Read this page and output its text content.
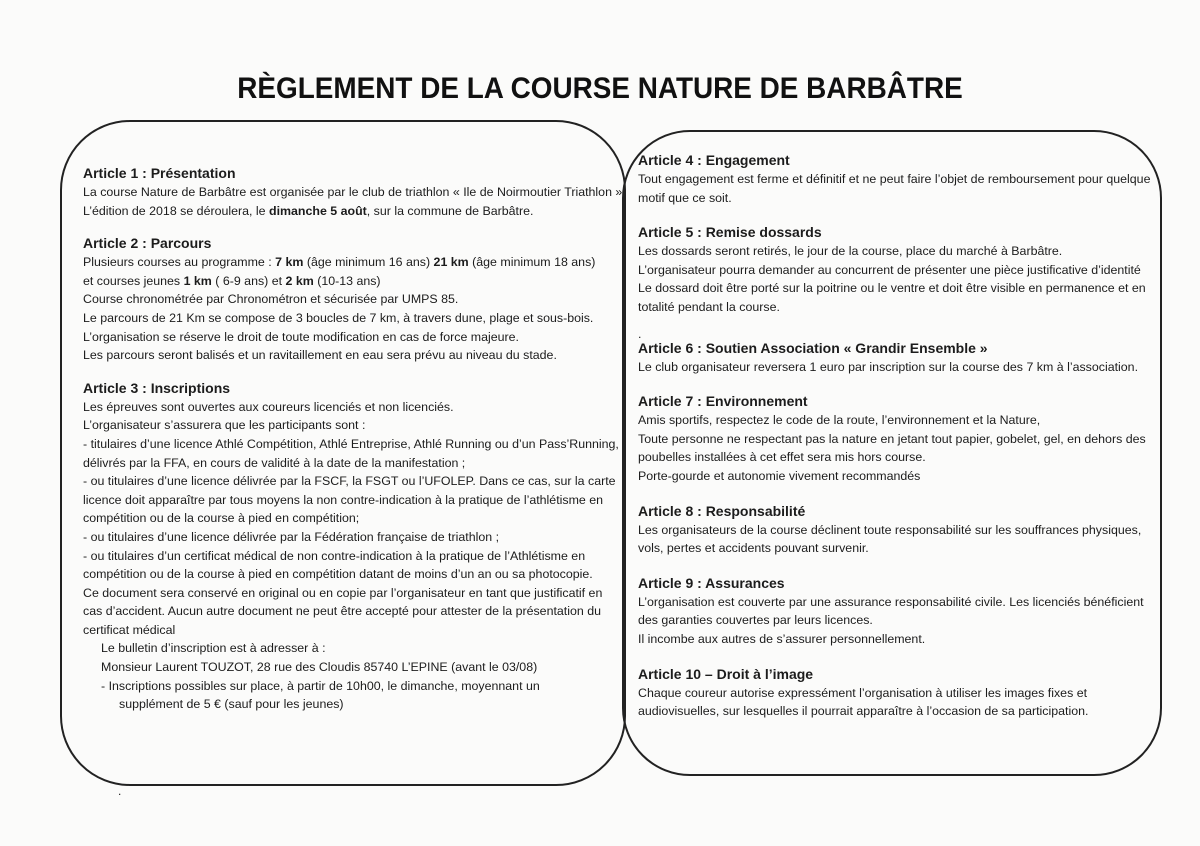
RÈGLEMENT DE LA COURSE NATURE DE BARBÂTRE

Article 1 : Présentation

La course Nature de Barbâtre est organisée par le club de triathlon « Ile de Noirmoutier Triathlon »

L’édition de 2018 se déroulera, le dimanche 5 août, sur la commune de Barbâtre.

Article 2 : Parcours

Plusieurs courses au programme : 7 km (âge minimum 16 ans) 21 km (âge minimum 18 ans)

et courses jeunes 1 km ( 6-9 ans) et 2 km (10-13 ans)

Course chronométrée par Chronométron et sécurisée par UMPS 85.

Le parcours de 21 Km se compose de 3 boucles de 7 km, à travers dune, plage et sous-bois.

L’organisation se réserve le droit de toute modification en cas de force majeure.

Les parcours seront balisés et un ravitaillement en eau sera prévu au niveau du stade.

Article 3 : Inscriptions

Les épreuves sont ouvertes aux coureurs licenciés et non licenciés.

L’organisateur s’assurera que les participants sont :

- titulaires d’une licence Athlé Compétition, Athlé Entreprise, Athlé Running ou d’un Pass’Running,

délivrés par la FFA, en cours de validité à la date de la manifestation ;

- ou titulaires d’une licence délivrée par la FSCF, la FSGT ou l’UFOLEP. Dans ce cas, sur la carte

licence doit apparaître par tous moyens la non contre-indication à la pratique de l’athlétisme en

compétition ou de la course à pied en compétition;

- ou titulaires d’une licence délivrée par la Fédération française de triathlon ;

- ou titulaires d’un certificat médical de non contre-indication à la pratique de l’Athlétisme en

compétition ou de la course à pied en compétition datant de moins d’un an ou sa photocopie.

Ce document sera conservé en original ou en copie par l’organisateur en tant que justificatif en

cas d’accident. Aucun autre document ne peut être accepté pour attester de la présentation du

certificat médical

Le bulletin d’inscription est à adresser à :

Monsieur Laurent TOUZOT, 28 rue des Cloudis 85740 L’EPINE (avant le 03/08)

- Inscriptions possibles sur place, à partir de 10h00, le dimanche, moyennant un

supplément de 5 € (sauf pour les jeunes)

Article 4 : Engagement

Tout engagement est ferme et définitif et ne peut faire l’objet de remboursement pour quelque

motif que ce soit.

Article 5 : Remise dossards

Les dossards seront retirés, le jour de la course, place du marché à Barbâtre.

L’organisateur pourra demander au concurrent de présenter une pièce justificative d’identité

Le dossard doit être porté sur la poitrine ou le ventre et doit être visible en permanence et en

totalité pendant la course.

.

Article 6 : Soutien Association « Grandir Ensemble »

Le club organisateur reversera 1 euro par inscription sur la course des 7 km à l’association.

Article 7 : Environnement

Amis sportifs, respectez le code de la route, l’environnement et la Nature,

Toute personne ne respectant pas la nature en jetant tout papier, gobelet, gel, en dehors des

poubelles installées à cet effet sera mis hors course.

Porte-gourde et autonomie vivement recommandés

Article 8 : Responsabilité

Les organisateurs de la course déclinent toute responsabilité sur les souffrances physiques,

vols, pertes et accidents pouvant survenir.

Article 9 : Assurances

L’organisation est couverte par une assurance responsabilité civile. Les licenciés bénéficient

des garanties couvertes par leurs licences.

Il incombe aux autres de s’assurer personnellement.

Article 10 – Droit à l’image

Chaque coureur autorise expressément l’organisation à utiliser les images fixes et

audiovisuelles, sur lesquelles il pourrait apparaître à l’occasion de sa participation.

.
